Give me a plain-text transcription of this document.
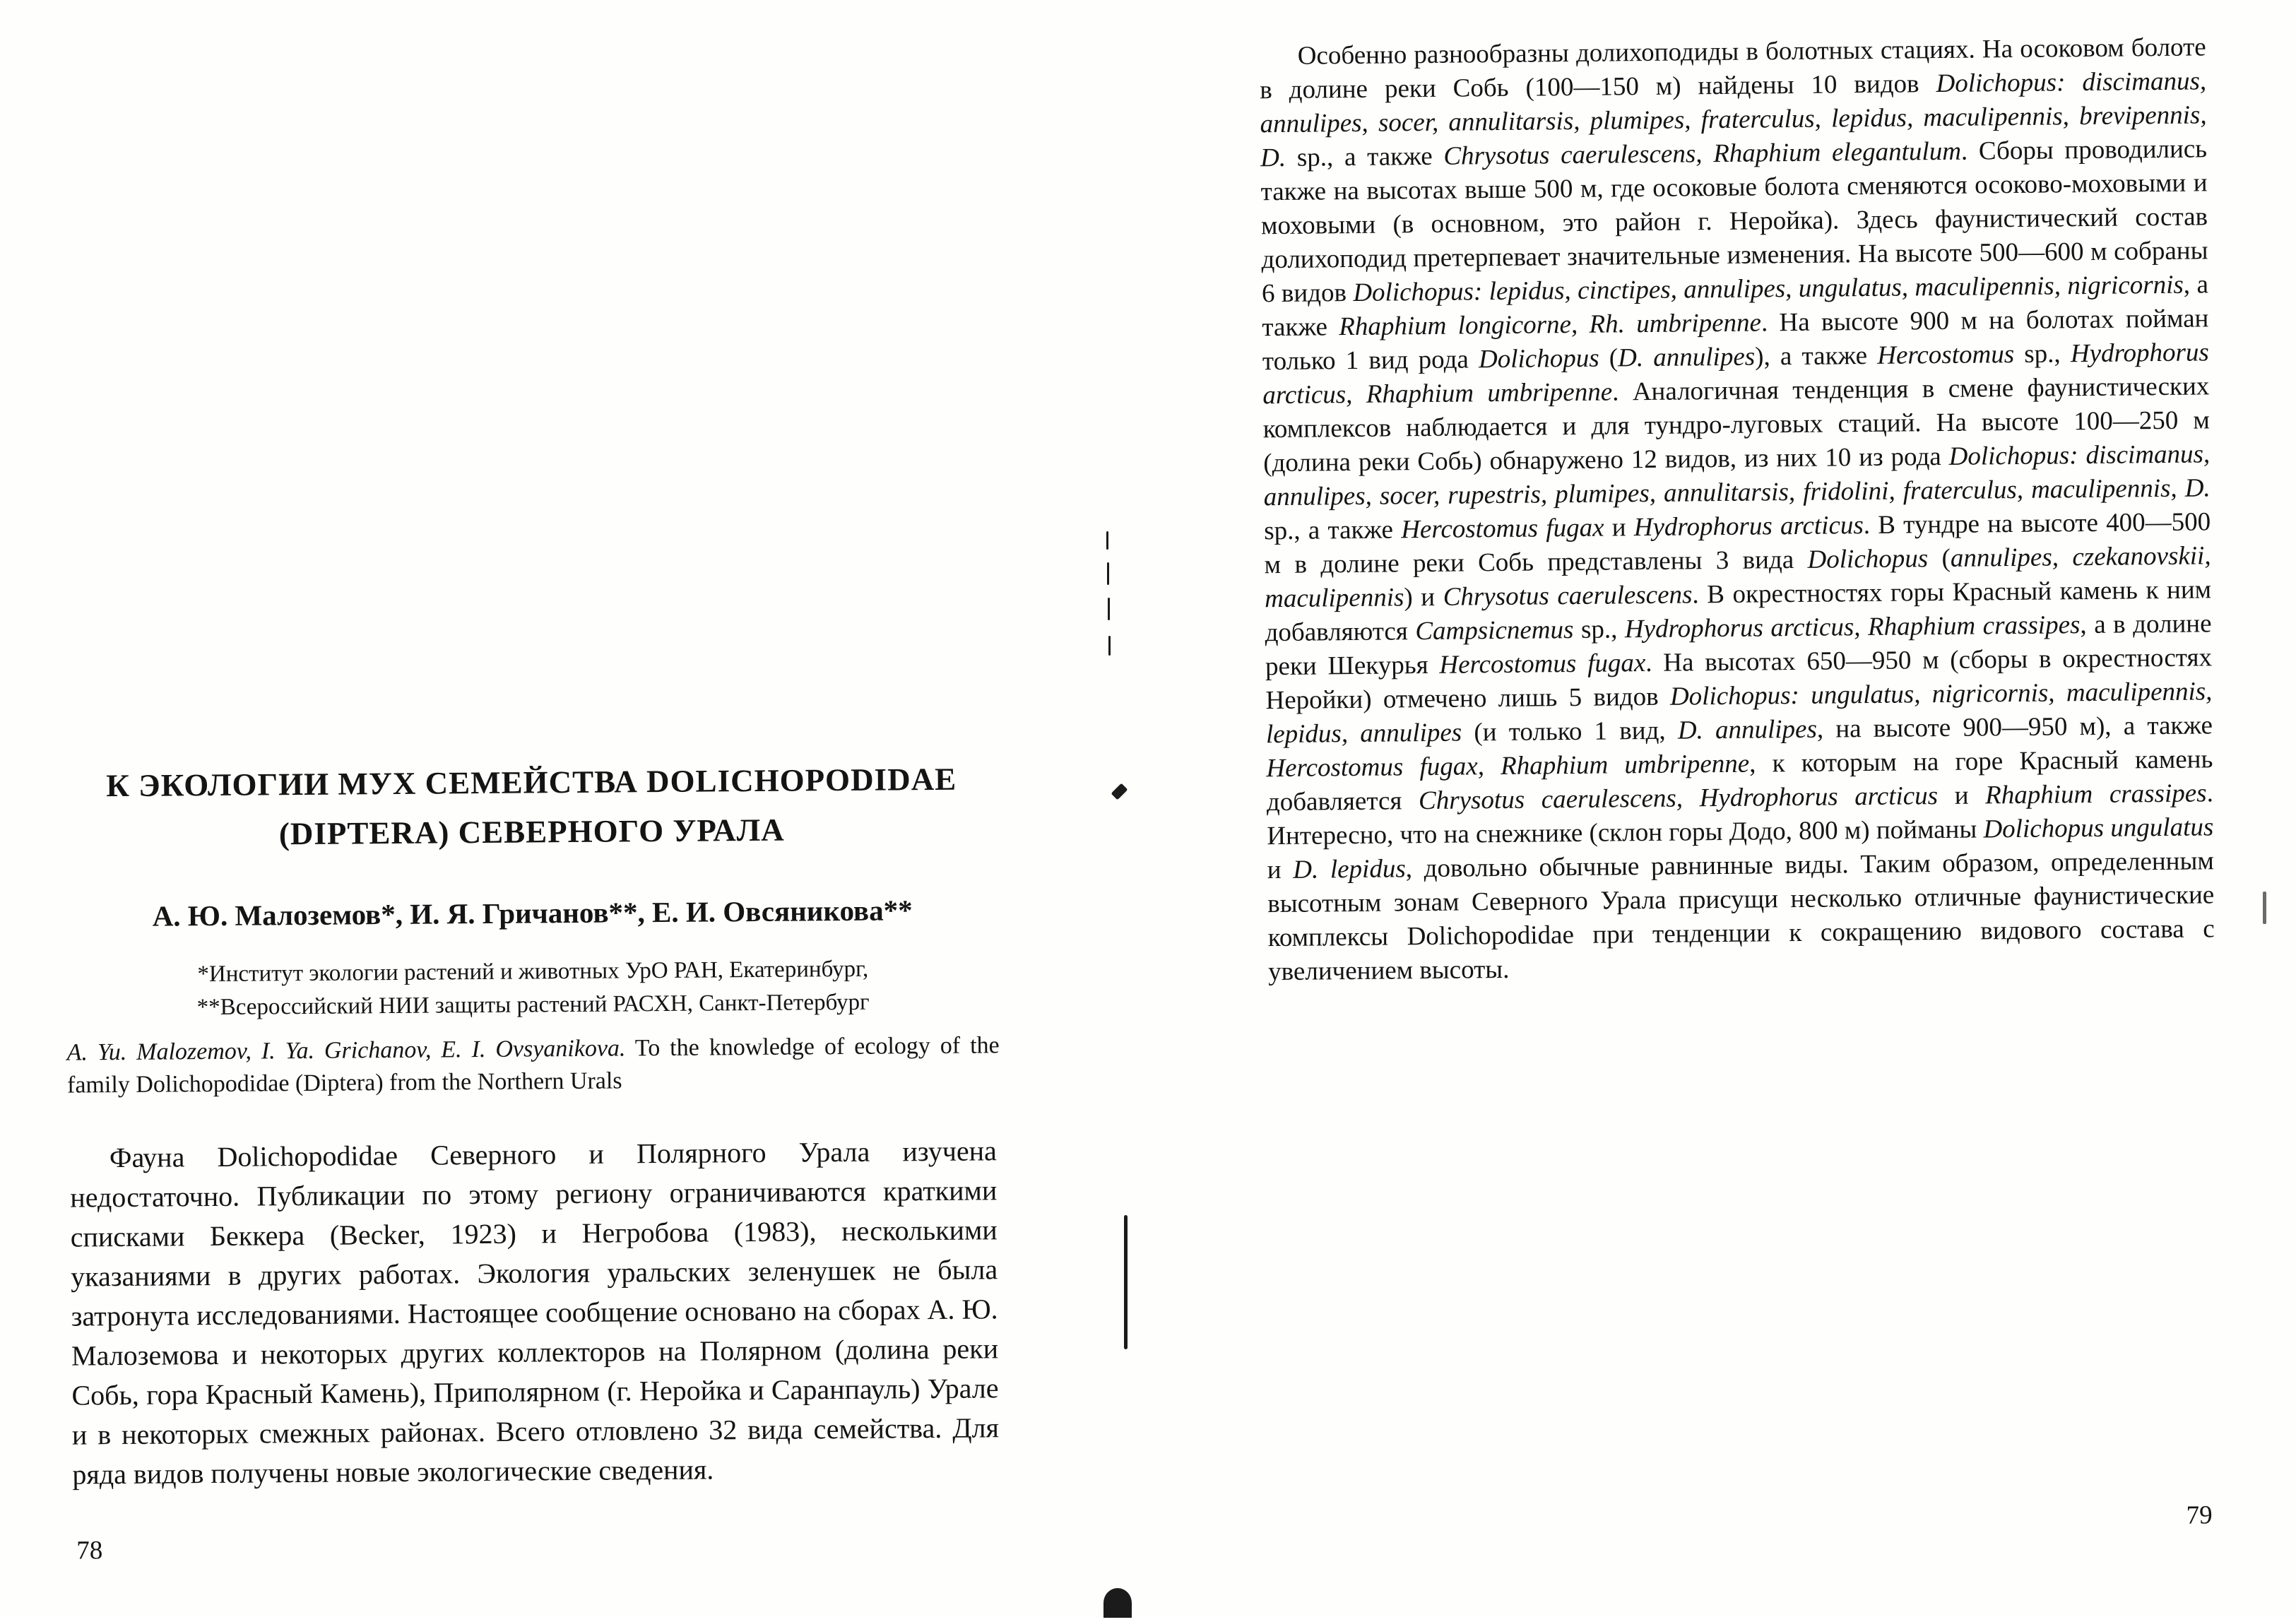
К ЭКОЛОГИИ МУХ СЕМЕЙСТВА DOLICHOPODIDAE
(DIPTERA) СЕВЕРНОГО УРАЛА
А. Ю. Малоземов*, И. Я. Гричанов**, Е. И. Овсяникова**
*Институт экологии растений и животных УрО РАН, Екатеринбург,
**Всероссийский НИИ защиты растений РАСХН, Санкт-Петербург
A. Yu. Malozemov, I. Ya. Grichanov, E. I. Ovsyanikova. To the knowledge of ecology of the family Dolichopodidae (Diptera) from the Northern Urals
Фауна Dolichopodidae Северного и Полярного Урала изучена недостаточно. Публикации по этому региону ограничиваются краткими списками Беккера (Becker, 1923) и Негробова (1983), несколькими указаниями в других работах. Экология уральских зеленушек не была затронута исследованиями. Настоящее сообщение основано на сборах А. Ю. Малоземова и некоторых других коллекторов на Полярном (долина реки Собь, гора Красный Камень), Приполярном (г. Неройка и Саранпауль) Урале и в некоторых смежных районах. Всего отловлено 32 вида семейства. Для ряда видов получены новые экологические сведения.
78
Особенно разнообразны долихоподиды в болотных стациях. На осоковом болоте в долине реки Собь (100—150 м) найдены 10 видов Dolichopus: discimanus, annulipes, socer, annulitarsis, plumipes, fraterculus, lepidus, maculipennis, brevipennis, D. sp., а также Chrysotus caerulescens, Rhaphium elegantulum. Сборы проводились также на высотах выше 500 м, где осоковые болота сменяются осоково-моховыми и моховыми (в основном, это район г. Неройка). Здесь фаунистический состав долихоподид претерпевает значительные изменения. На высоте 500—600 м собраны 6 видов Dolichopus: lepidus, cinctipes, annulipes, ungulatus, maculipennis, nigricornis, а также Rhaphium longicorne, Rh. umbripenne. На высоте 900 м на болотах пойман только 1 вид рода Dolichopus (D. annulipes), а также Hercostomus sp., Hydrophorus arcticus, Rhaphium umbripenne. Аналогичная тенденция в смене фаунистических комплексов наблюдается и для тундро-луговых стаций. На высоте 100—250 м (долина реки Собь) обнаружено 12 видов, из них 10 из рода Dolichopus: discimanus, annulipes, socer, rupestris, plumipes, annulitarsis, fridolini, fraterculus, maculipennis, D. sp., а также Hercostomus fugax и Hydrophorus arcticus. В тундре на высоте 400—500 м в долине реки Собь представлены 3 вида Dolichopus (annulipes, czekanovskii, maculipennis) и Chrysotus caerulescens. В окрестностях горы Красный камень к ним добавляются Campsicnemus sp., Hydrophorus arcticus, Rhaphium crassipes, а в долине реки Шекурья Hercostomus fugax. На высотах 650—950 м (сборы в окрестностях Неройки) отмечено лишь 5 видов Dolichopus: ungulatus, nigricornis, maculipennis, lepidus, annulipes (и только 1 вид, D. annulipes, на высоте 900—950 м), а также Hercostomus fugax, Rhaphium umbripenne, к которым на горе Красный камень добавляется Chrysotus caerulescens, Hydrophorus arcticus и Rhaphium crassipes. Интересно, что на снежнике (склон горы Додо, 800 м) пойманы Dolichopus ungulatus и D. lepidus, довольно обычные равнинные виды. Таким образом, определенным высотным зонам Северного Урала присущи несколько отличные фаунистические комплексы Dolichopodidae при тенденции к сокращению видового состава с увеличением высоты.
79
